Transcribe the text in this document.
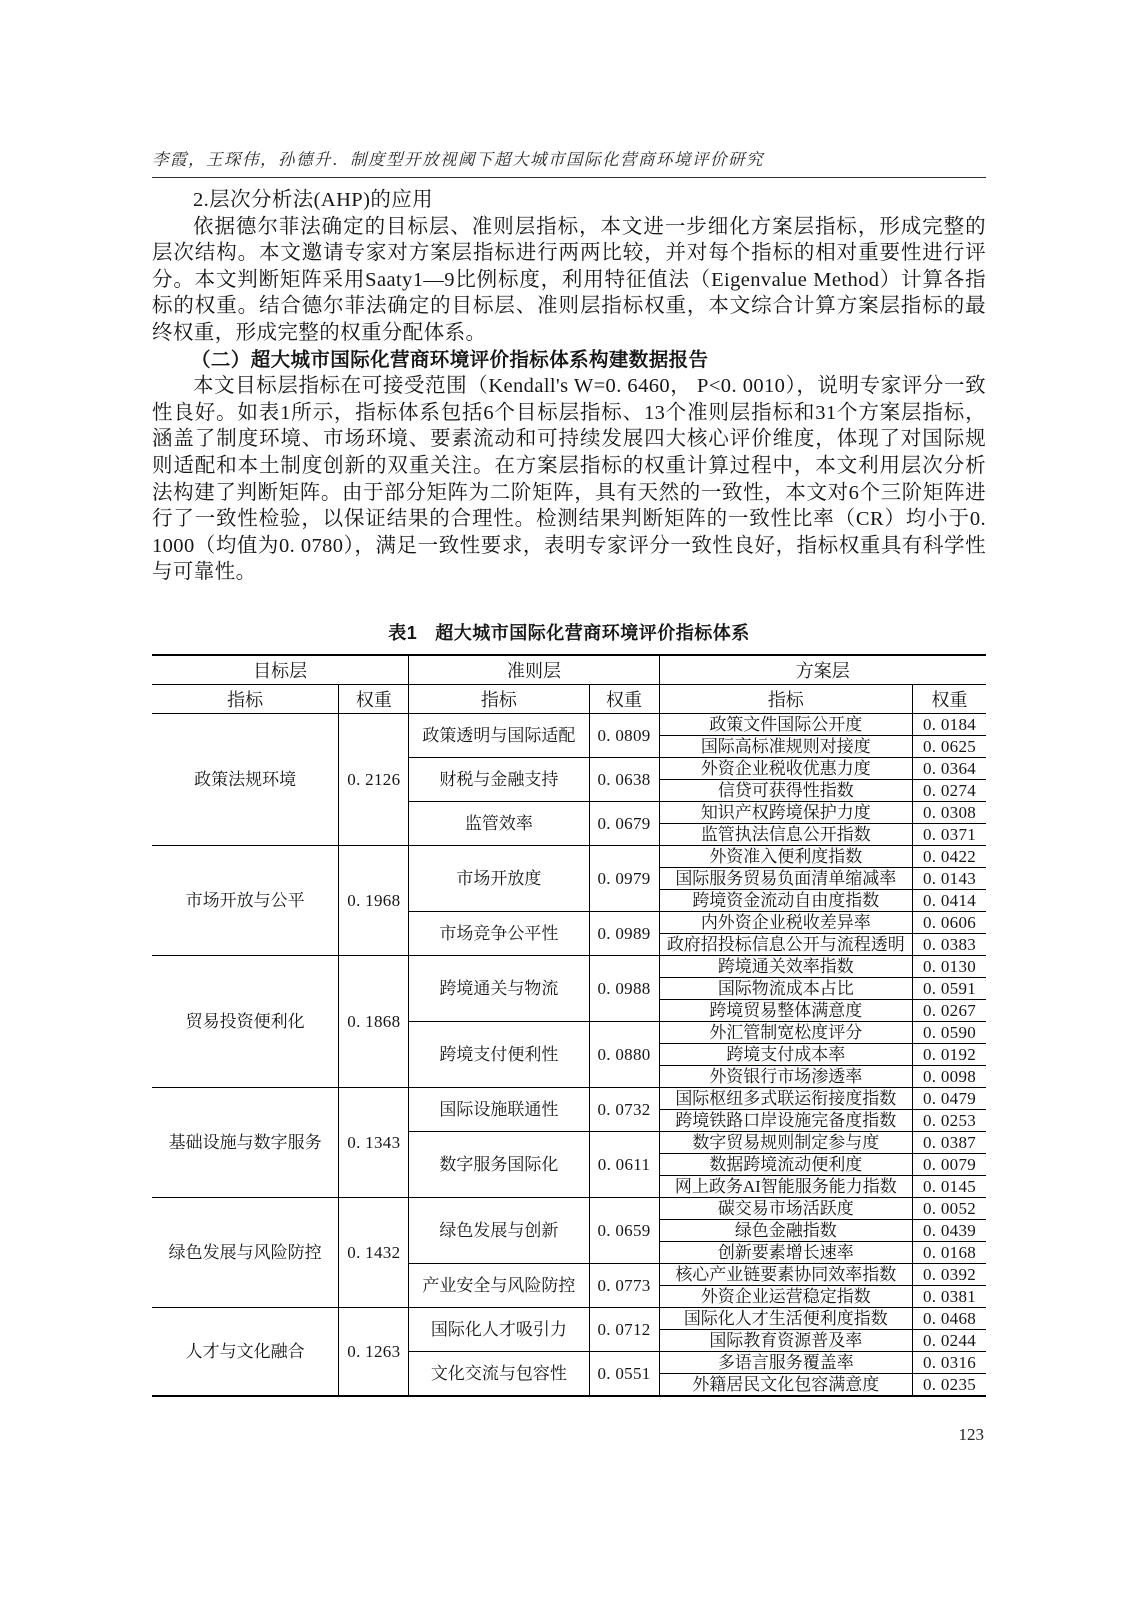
李霞，王琛伟，孙德升．制度型开放视阈下超大城市国际化营商环境评价研究

2.层次分析法(AHP)的应用

依据德尔菲法确定的目标层、准则层指标，本文进一步细化方案层指标，形成完整的层次结构。本文邀请专家对方案层指标进行两两比较，并对每个指标的相对重要性进行评分。本文判断矩阵采用Saaty1—9比例标度，利用特征值法（Eigenvalue Method）计算各指标的权重。结合德尔菲法确定的目标层、准则层指标权重，本文综合计算方案层指标的最终权重，形成完整的权重分配体系。

（二）超大城市国际化营商环境评价指标体系构建数据报告

本文目标层指标在可接受范围（Kendall's W=0. 6460， P<0. 0010），说明专家评分一致性良好。如表1所示，指标体系包括6个目标层指标、13个准则层指标和31个方案层指标，涵盖了制度环境、市场环境、要素流动和可持续发展四大核心评价维度，体现了对国际规则适配和本土制度创新的双重关注。在方案层指标的权重计算过程中，本文利用层次分析法构建了判断矩阵。由于部分矩阵为二阶矩阵，具有天然的一致性，本文对6个三阶矩阵进行了一致性检验，以保证结果的合理性。检测结果判断矩阵的一致性比率（CR）均小于0. 1000（均值为0. 0780），满足一致性要求，表明专家评分一致性良好，指标权重具有科学性与可靠性。

表1 超大城市国际化营商环境评价指标体系
目标层		准则层		方案层	
指标	权重	指标	权重	指标	权重
政策法规环境	0. 2126	政策透明与国际适配	0. 0809	政策文件国际公开度	0. 0184
				国际高标准规则对接度	0. 0625
		财税与金融支持	0. 0638	外资企业税收优惠力度	0. 0364
				信贷可获得性指数	0. 0274
		监管效率	0. 0679	知识产权跨境保护力度	0. 0308
				监管执法信息公开指数	0. 0371
市场开放与公平	0. 1968	市场开放度	0. 0979	外资准入便利度指数	0. 0422
				国际服务贸易负面清单缩减率	0. 0143
				跨境资金流动自由度指数	0. 0414
		市场竞争公平性	0. 0989	内外资企业税收差异率	0. 0606
				政府招投标信息公开与流程透明	0. 0383
贸易投资便利化	0. 1868	跨境通关与物流	0. 0988	跨境通关效率指数	0. 0130
				国际物流成本占比	0. 0591
				跨境贸易整体满意度	0. 0267
		跨境支付便利性	0. 0880	外汇管制宽松度评分	0. 0590
				跨境支付成本率	0. 0192
				外资银行市场渗透率	0. 0098
基础设施与数字服务	0. 1343	国际设施联通性	0. 0732	国际枢纽多式联运衔接度指数	0. 0479
				跨境铁路口岸设施完备度指数	0. 0253
		数字服务国际化	0. 0611	数字贸易规则制定参与度	0. 0387
				数据跨境流动便利度	0. 0079
				网上政务AI智能服务能力指数	0. 0145
绿色发展与风险防控	0. 1432	绿色发展与创新	0. 0659	碳交易市场活跃度	0. 0052
				绿色金融指数	0. 0439
				创新要素增长速率	0. 0168
		产业安全与风险防控	0. 0773	核心产业链要素协同效率指数	0. 0392
				外资企业运营稳定指数	0. 0381
人才与文化融合	0. 1263	国际化人才吸引力	0. 0712	国际化人才生活便利度指数	0. 0468
				国际教育资源普及率	0. 0244
		文化交流与包容性	0. 0551	多语言服务覆盖率	0. 0316
				外籍居民文化包容满意度	0. 0235
123
